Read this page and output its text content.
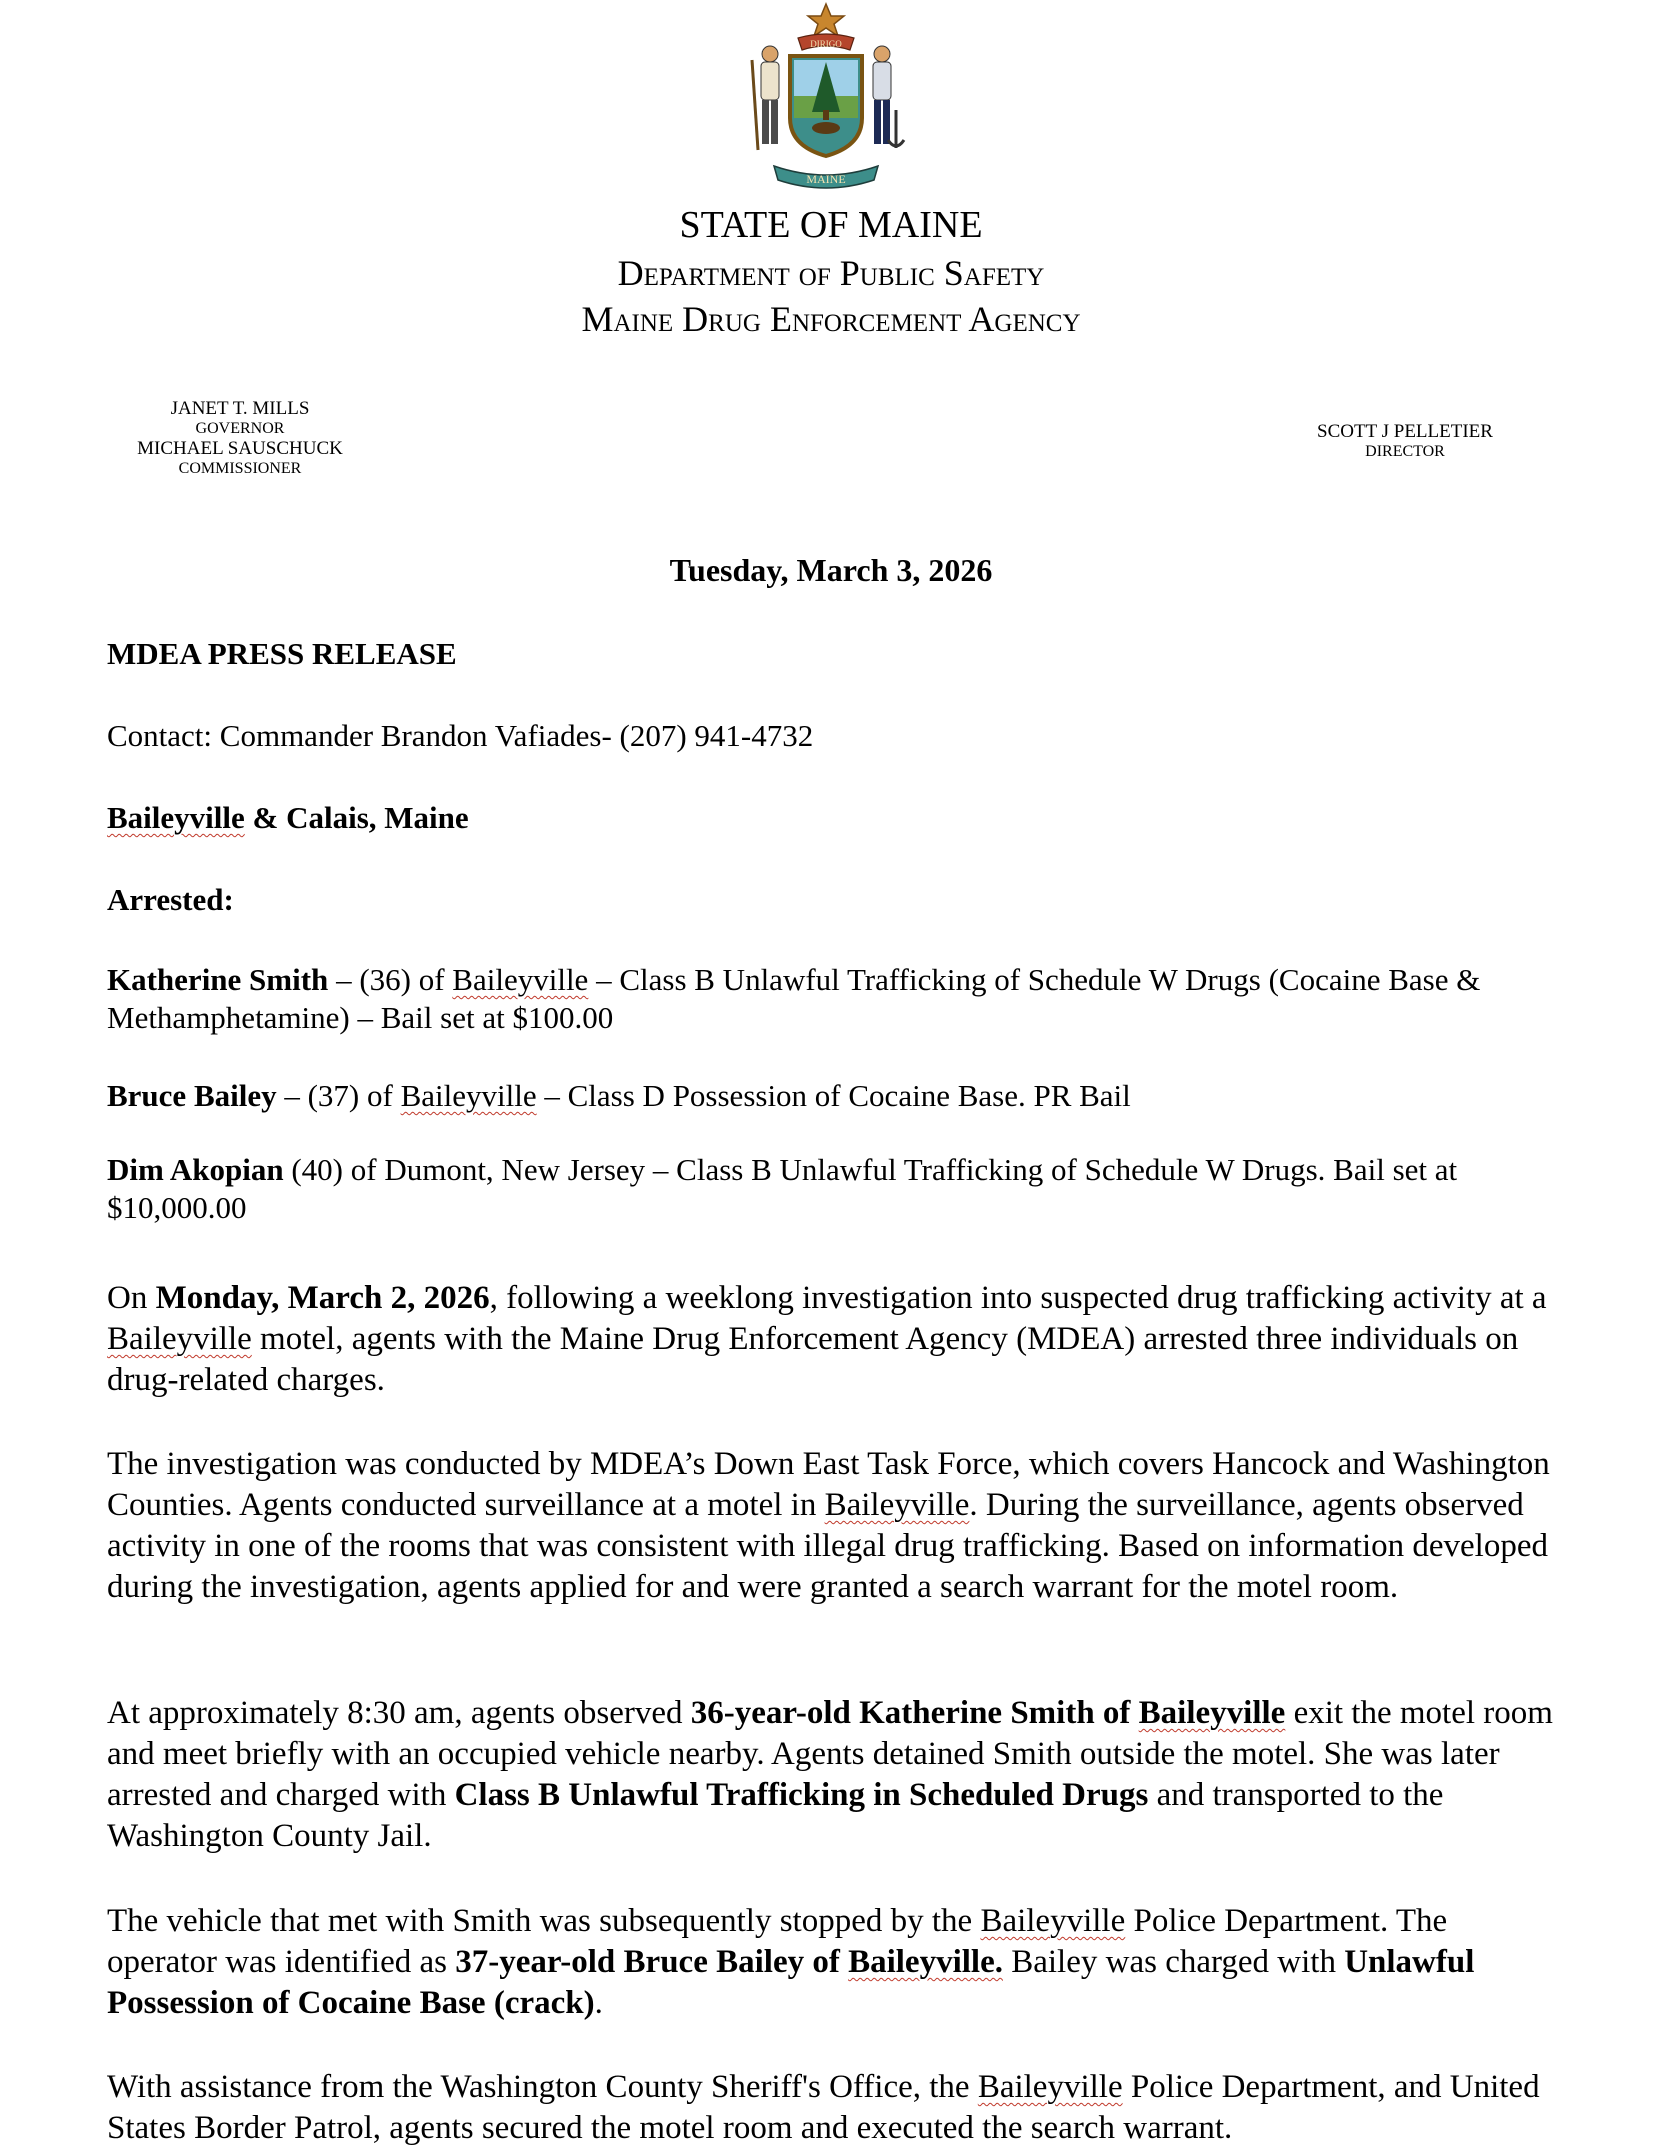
DIRIGO
MAINE
STATE OF MAINE
Department of Public Safety
Maine Drug Enforcement Agency
JANET T. MILLS
GOVERNOR
MICHAEL SAUSCHUCK
COMMISSIONER
SCOTT J PELLETIER
DIRECTOR
Tuesday, March 3, 2026
MDEA PRESS RELEASE
Contact: Commander Brandon Vafiades- (207) 941-4732
Baileyville & Calais, Maine
Arrested:
Katherine Smith – (36) of Baileyville – Class B Unlawful Trafficking of Schedule W Drugs (Cocaine Base & Methamphetamine) – Bail set at $100.00
Bruce Bailey – (37) of Baileyville – Class D Possession of Cocaine Base. PR Bail
Dim Akopian (40) of Dumont, New Jersey – Class B Unlawful Trafficking of Schedule W Drugs. Bail set at $10,000.00
On Monday, March 2, 2026, following a weeklong investigation into suspected drug trafficking activity at a Baileyville motel, agents with the Maine Drug Enforcement Agency (MDEA) arrested three individuals on drug-related charges.
The investigation was conducted by MDEA’s Down East Task Force, which covers Hancock and Washington Counties. Agents conducted surveillance at a motel in Baileyville. During the surveillance, agents observed activity in one of the rooms that was consistent with illegal drug trafficking. Based on information developed during the investigation, agents applied for and were granted a search warrant for the motel room.
At approximately 8:30 am, agents observed 36-year-old Katherine Smith of Baileyville exit the motel room and meet briefly with an occupied vehicle nearby. Agents detained Smith outside the motel. She was later arrested and charged with Class B Unlawful Trafficking in Scheduled Drugs and transported to the Washington County Jail.
The vehicle that met with Smith was subsequently stopped by the Baileyville Police Department. The operator was identified as 37-year-old Bruce Bailey of Baileyville. Bailey was charged with Unlawful Possession of Cocaine Base (crack).
With assistance from the Washington County Sheriff's Office, the Baileyville Police Department, and United States Border Patrol, agents secured the motel room and executed the search warrant.
